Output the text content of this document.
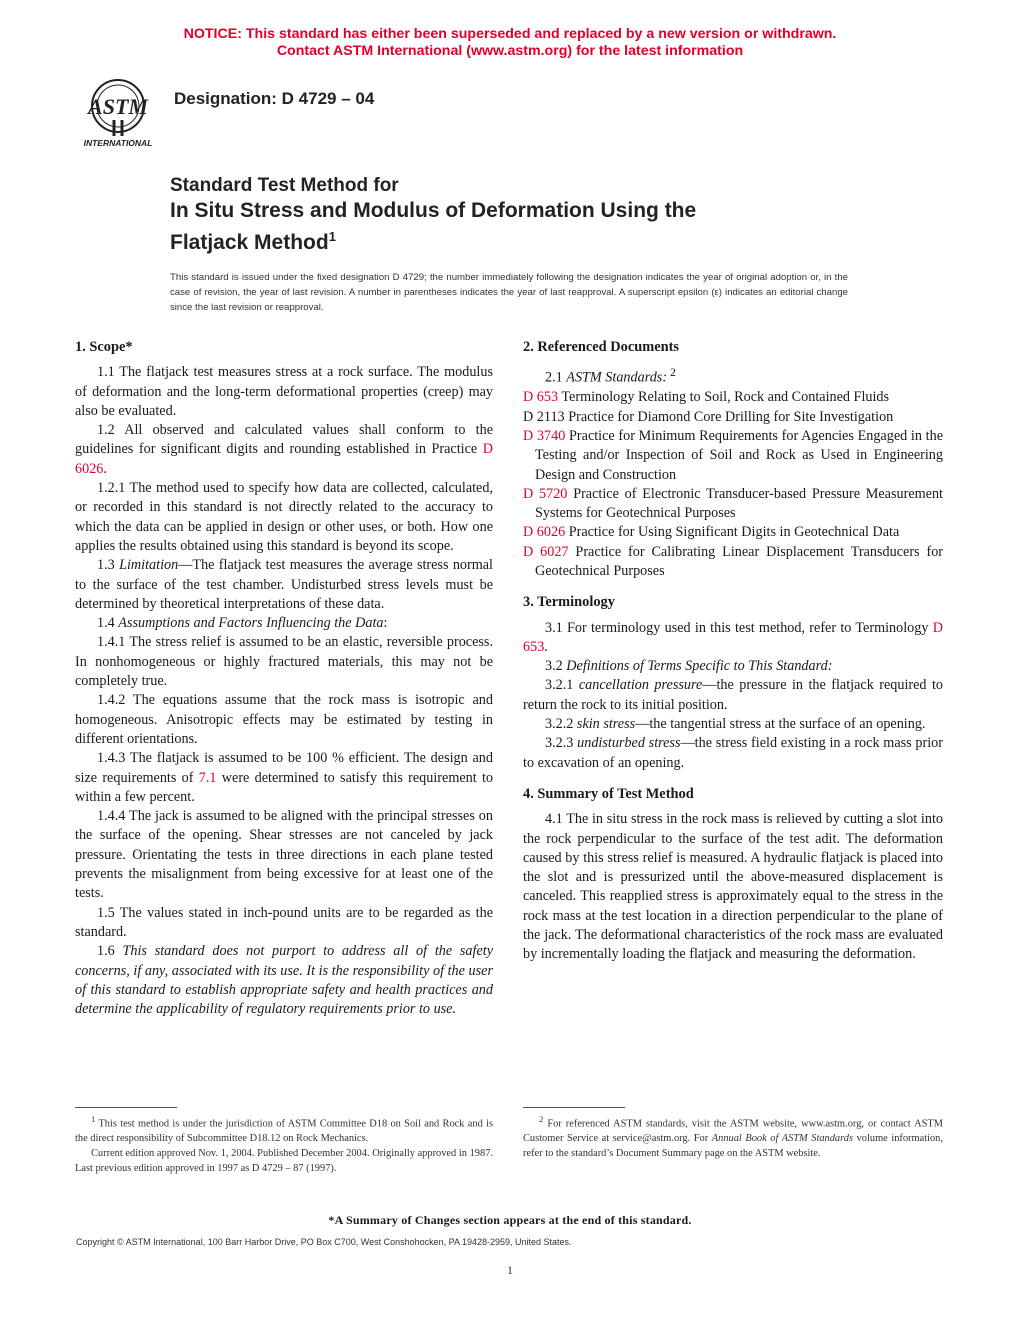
NOTICE: This standard has either been superseded and replaced by a new version or withdrawn.
Contact ASTM International (www.astm.org) for the latest information
ASTM
INTERNATIONAL
Designation: D 4729 – 04
Standard Test Method for
In Situ Stress and Modulus of Deformation Using the
Flatjack Method$^1$
This standard is issued under the fixed designation D 4729; the number immediately following the designation indicates the year of original adoption or, in the case of revision, the year of last revision. A number in parentheses indicates the year of last reapproval. A superscript epsilon (ε) indicates an editorial change since the last revision or reapproval.
1. Scope*

1.1 The flatjack test measures stress at a rock surface. The modulus of deformation and the long-term deformational properties (creep) may also be evaluated.

1.2 All observed and calculated values shall conform to the guidelines for significant digits and rounding established in Practice D 6026.

1.2.1 The method used to specify how data are collected, calculated, or recorded in this standard is not directly related to the accuracy to which the data can be applied in design or other uses, or both. How one applies the results obtained using this standard is beyond its scope.

1.3 Limitation—The flatjack test measures the average stress normal to the surface of the test chamber. Undisturbed stress levels must be determined by theoretical interpretations of these data.

1.4 Assumptions and Factors Influencing the Data:

1.4.1 The stress relief is assumed to be an elastic, reversible process. In nonhomogeneous or highly fractured materials, this may not be completely true.

1.4.2 The equations assume that the rock mass is isotropic and homogeneous. Anisotropic effects may be estimated by testing in different orientations.

1.4.3 The flatjack is assumed to be 100 % efficient. The design and size requirements of 7.1 were determined to satisfy this requirement to within a few percent.

1.4.4 The jack is assumed to be aligned with the principal stresses on the surface of the opening. Shear stresses are not canceled by jack pressure. Orientating the tests in three directions in each plane tested prevents the misalignment from being excessive for at least one of the tests.

1.5 The values stated in inch-pound units are to be regarded as the standard.

1.6 This standard does not purport to address all of the safety concerns, if any, associated with its use. It is the responsibility of the user of this standard to establish appropriate safety and health practices and determine the applicability of regulatory requirements prior to use.

2. Referenced Documents

2.1 ASTM Standards: $^2$

D 653 Terminology Relating to Soil, Rock and Contained Fluids
D 2113 Practice for Diamond Core Drilling for Site Investigation
D 3740 Practice for Minimum Requirements for Agencies Engaged in the Testing and/or Inspection of Soil and Rock as Used in Engineering Design and Construction
D 5720 Practice of Electronic Transducer-based Pressure Measurement Systems for Geotechnical Purposes
D 6026 Practice for Using Significant Digits in Geotechnical Data
D 6027 Practice for Calibrating Linear Displacement Transducers for Geotechnical Purposes
3. Terminology

3.1 For terminology used in this test method, refer to Terminology D 653.

3.2 Definitions of Terms Specific to This Standard:

3.2.1 cancellation pressure—the pressure in the flatjack required to return the rock to its initial position.

3.2.2 skin stress—the tangential stress at the surface of an opening.

3.2.3 undisturbed stress—the stress field existing in a rock mass prior to excavation of an opening.

4. Summary of Test Method

4.1 The in situ stress in the rock mass is relieved by cutting a slot into the rock perpendicular to the surface of the test adit. The deformation caused by this stress relief is measured. A hydraulic flatjack is placed into the slot and is pressurized until the above-measured displacement is canceled. This reapplied stress is approximately equal to the stress in the rock mass at the test location in a direction perpendicular to the plane of the jack. The deformational characteristics of the rock mass are evaluated by incrementally loading the flatjack and measuring the deformation.

$^1$ This test method is under the jurisdiction of ASTM Committee D18 on Soil and Rock and is the direct responsibility of Subcommittee D18.12 on Rock Mechanics.

Current edition approved Nov. 1, 2004. Published December 2004. Originally approved in 1987. Last previous edition approved in 1997 as D 4729 – 87 (1997).

$^2$ For referenced ASTM standards, visit the ASTM website, www.astm.org, or contact ASTM Customer Service at service@astm.org. For Annual Book of ASTM Standards volume information, refer to the standard’s Document Summary page on the ASTM website.

*A Summary of Changes section appears at the end of this standard.
Copyright © ASTM International, 100 Barr Harbor Drive, PO Box C700, West Conshohocken, PA 19428-2959, United States.
1
